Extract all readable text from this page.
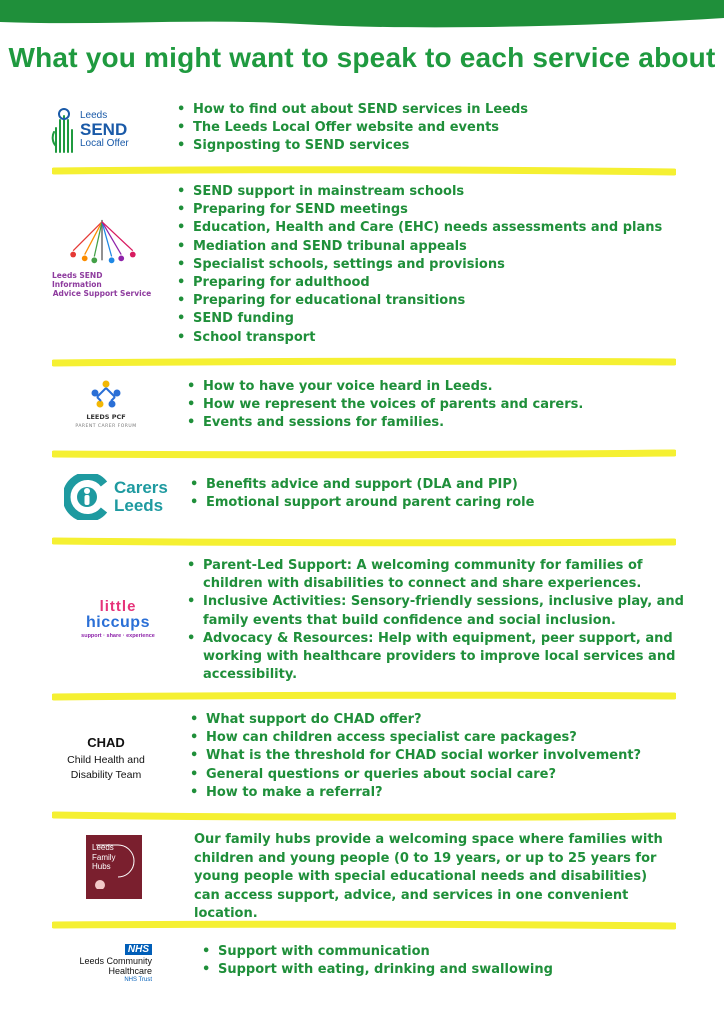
What you might want to speak to each service about
Leeds
SEND
Local Offer
• How to find out about SEND services in Leeds
• The Leeds Local Offer website and events
• Signposting to SEND services
Leeds SEND Information
Advice Support Service
• SEND support in mainstream schools
• Preparing for SEND meetings
• Education, Health and Care (EHC) needs assessments and plans
• Mediation and SEND tribunal appeals
• Specialist schools, settings and provisions
• Preparing for adulthood
• Preparing for educational transitions
• SEND funding
• School transport
LEEDS PCF
PARENT CARER FORUM
• How to have your voice heard in Leeds.
• How we represent the voices of parents and carers.
• Events and sessions for families.
Carers
Leeds
• Benefits advice and support (DLA and PIP)
• Emotional support around parent caring role
little
hiccups
support · share · experience
• Parent-Led Support: A welcoming community for families of children with disabilities to connect and share experiences.
• Inclusive Activities: Sensory-friendly sessions, inclusive play, and family events that build confidence and social inclusion.
• Advocacy & Resources: Help with equipment, peer support, and working with healthcare providers to improve local services and accessibility.
CHAD
Child Health and
Disability Team
• What support do CHAD offer?
• How can children access specialist care packages?
• What is the threshold for CHAD social worker involvement?
• General questions or queries about social care?
• How to make a referral?
Leeds
Family
Hubs

Our family hubs provide a welcoming space where families with children and young people (0 to 19 years, or up to 25 years for young people with special educational needs and disabilities) can access support, advice, and services in one convenient location.

NHS
Leeds Community
Healthcare
NHS Trust
• Support with communication
• Support with eating, drinking and swallowing
